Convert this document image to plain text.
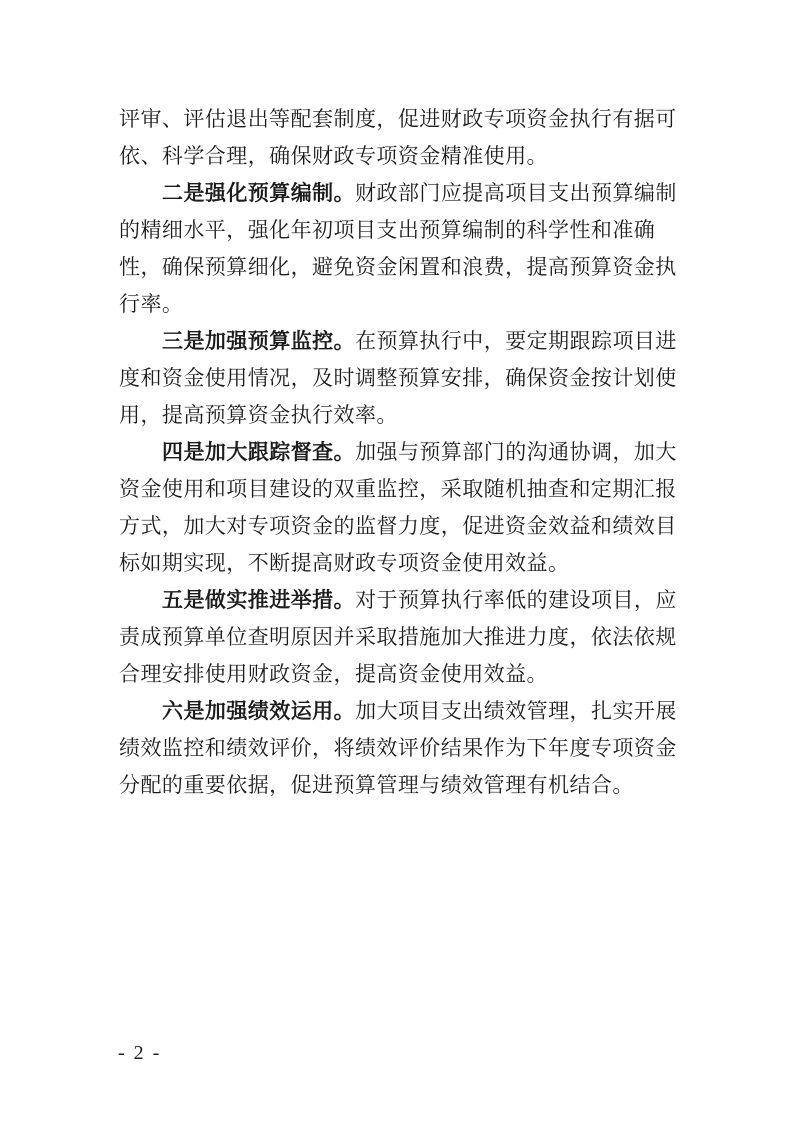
评审、评估退出等配套制度，促进财政专项资金执行有据可
依、科学合理，确保财政专项资金精准使用。
二是强化预算编制。财政部门应提高项目支出预算编制
的精细水平，强化年初项目支出预算编制的科学性和准确
性，确保预算细化，避免资金闲置和浪费，提高预算资金执
行率。
三是加强预算监控。在预算执行中，要定期跟踪项目进
度和资金使用情况，及时调整预算安排，确保资金按计划使
用，提高预算资金执行效率。
四是加大跟踪督查。加强与预算部门的沟通协调，加大
资金使用和项目建设的双重监控，采取随机抽查和定期汇报
方式，加大对专项资金的监督力度，促进资金效益和绩效目
标如期实现，不断提高财政专项资金使用效益。
五是做实推进举措。对于预算执行率低的建设项目，应
责成预算单位查明原因并采取措施加大推进力度，依法依规
合理安排使用财政资金，提高资金使用效益。
六是加强绩效运用。加大项目支出绩效管理，扎实开展
绩效监控和绩效评价，将绩效评价结果作为下年度专项资金
分配的重要依据，促进预算管理与绩效管理有机结合。
- 2 -
